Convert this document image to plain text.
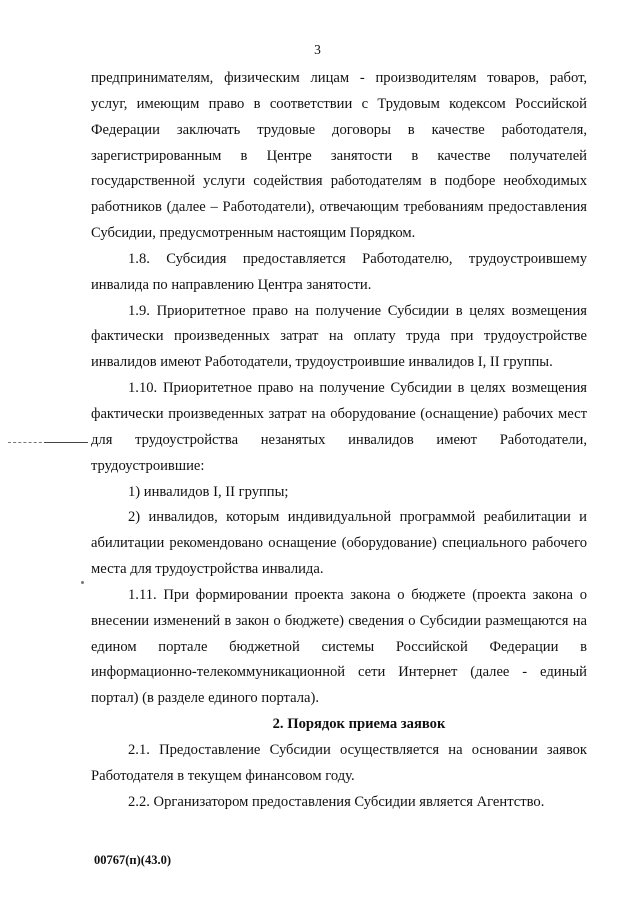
3

предпринимателям, физическим лицам - производителям товаров, работ,
услуг, имеющим право в соответствии с Трудовым кодексом Российской
Федерации заключать трудовые договоры в качестве работодателя,
зарегистрированным в Центре занятости в качестве получателей
государственной услуги содействия работодателям в подборе необходимых
работников (далее – Работодатели), отвечающим требованиям предоставления

Субсидии, предусмотренным настоящим Порядком.

1.8. Субсидия предоставляется Работодателю, трудоустроившему

инвалида по направлению Центра занятости.

1.9. Приоритетное право на получение Субсидии в целях возмещения
фактически произведенных затрат на оплату труда при трудоустройстве

инвалидов имеют Работодатели, трудоустроившие инвалидов I, II группы.

1.10. Приоритетное право на получение Субсидии в целях возмещения
фактически произведенных затрат на оборудование (оснащение) рабочих мест
для трудоустройства незанятых инвалидов имеют Работодатели,

трудоустроившие:

1) инвалидов I, II группы;

2) инвалидов, которым индивидуальной программой реабилитации и
абилитации рекомендовано оснащение (оборудование) специального рабочего

места для трудоустройства инвалида.

1.11. При формировании проекта закона о бюджете (проекта закона о
внесении изменений в закон о бюджете) сведения о Субсидии размещаются на
едином портале бюджетной системы Российской Федерации в
информационно-телекоммуникационной сети Интернет (далее - единый

портал) (в разделе единого портала).

2. Порядок приема заявок

2.1. Предоставление Субсидии осуществляется на основании заявок

Работодателя в текущем финансовом году.

2.2. Организатором предоставления Субсидии является Агентство.

00767(п)(43.0)
